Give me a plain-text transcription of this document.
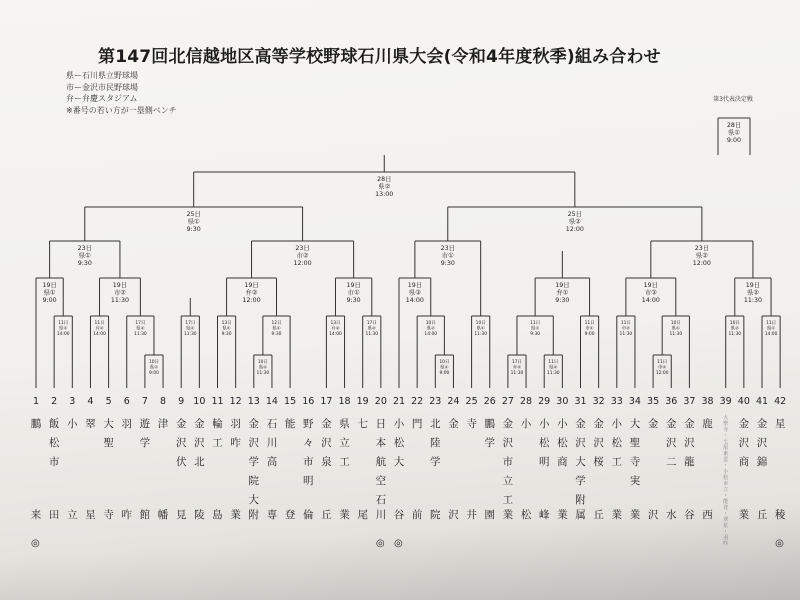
第147回北信越地区高等学校野球石川県大会(令和4年度秋季)組み合わせ
県ー石川県立野球場
市ー金沢市民野球場
弁ー弁慶スタジアム
※番号の若い方が一塁側ベンチ
10日
県①
9:00
10日
県②
11:30
10日
県①
9:00
17日
弁②
11:30
11日
県②
11:30
11日
市②
12:00
11日
県②
14:00
11日
弁②
14:00
17日
県②
11:30
17日
県②
11:30
13日
県①
9:30
12日
県①
9:30
13日
弁②
14:00
17日
県②
11:30
10日
県②
14:00
10日
県①
11:30
11日
県①
9:30
11日
市①
9:00
11日
市②
11:30
10日
県①
11:30
10日
県②
11:30
11日
県①
14:00
19日
県①
9:00
19日
市②
11:30
19日
弁②
12:00
19日
市①
9:30
19日
県③
14:00
19日
弁①
9:30
19日
市③
14:00
19日
県②
11:30
23日
県①
9:30
23日
市②
12:00
23日
市①
9:30
23日
県②
12:00
25日
県①
9:30
25日
県②
12:00
28日
県②
13:00
28日
県①
9:00
1 2 3 4 5 6 7 8 9 10 11 12 13 14 15 16 17 18 19 20 21 22 23 24 25 26 27 28 29 30 31 32 33 34 35 36 37 38 39 40 41 42
第3代表決定戦
鵬
来
飯
松
市
田
小
立
翠
星
大
聖
寺
羽
咋
遊
学
館
津
幡
金
沢
伏
見
金
沢
北
陵
輪
工
島
羽
咋
業
金
沢
学
院
大
附
石
川
高
専
能
登
野
々
市
明
倫
金
沢
泉
丘
県
立
工
業
七
尾
日
本
航
空
石
川
小
松
大
谷
門
前
北
陸
学
院
金
沢
寺
井
鵬
学
園
金
沢
市
立
工
業
小
松
小
松
明
峰
小
松
商
業
金
沢
大
学
附
属
金
沢
桜
丘
小
松
工
業
大
聖
寺
実
業
金
沢
金
沢
二
水
金
沢
龍
谷
鹿
西
大
聖
寺
・
七
尾
東
雲
・
小
松
市
立
・
能
登
・
翠
星
・
羽
咋
金
沢
商
業
金
沢
錦
丘
星
稜
◎	◎ ◎	◎
